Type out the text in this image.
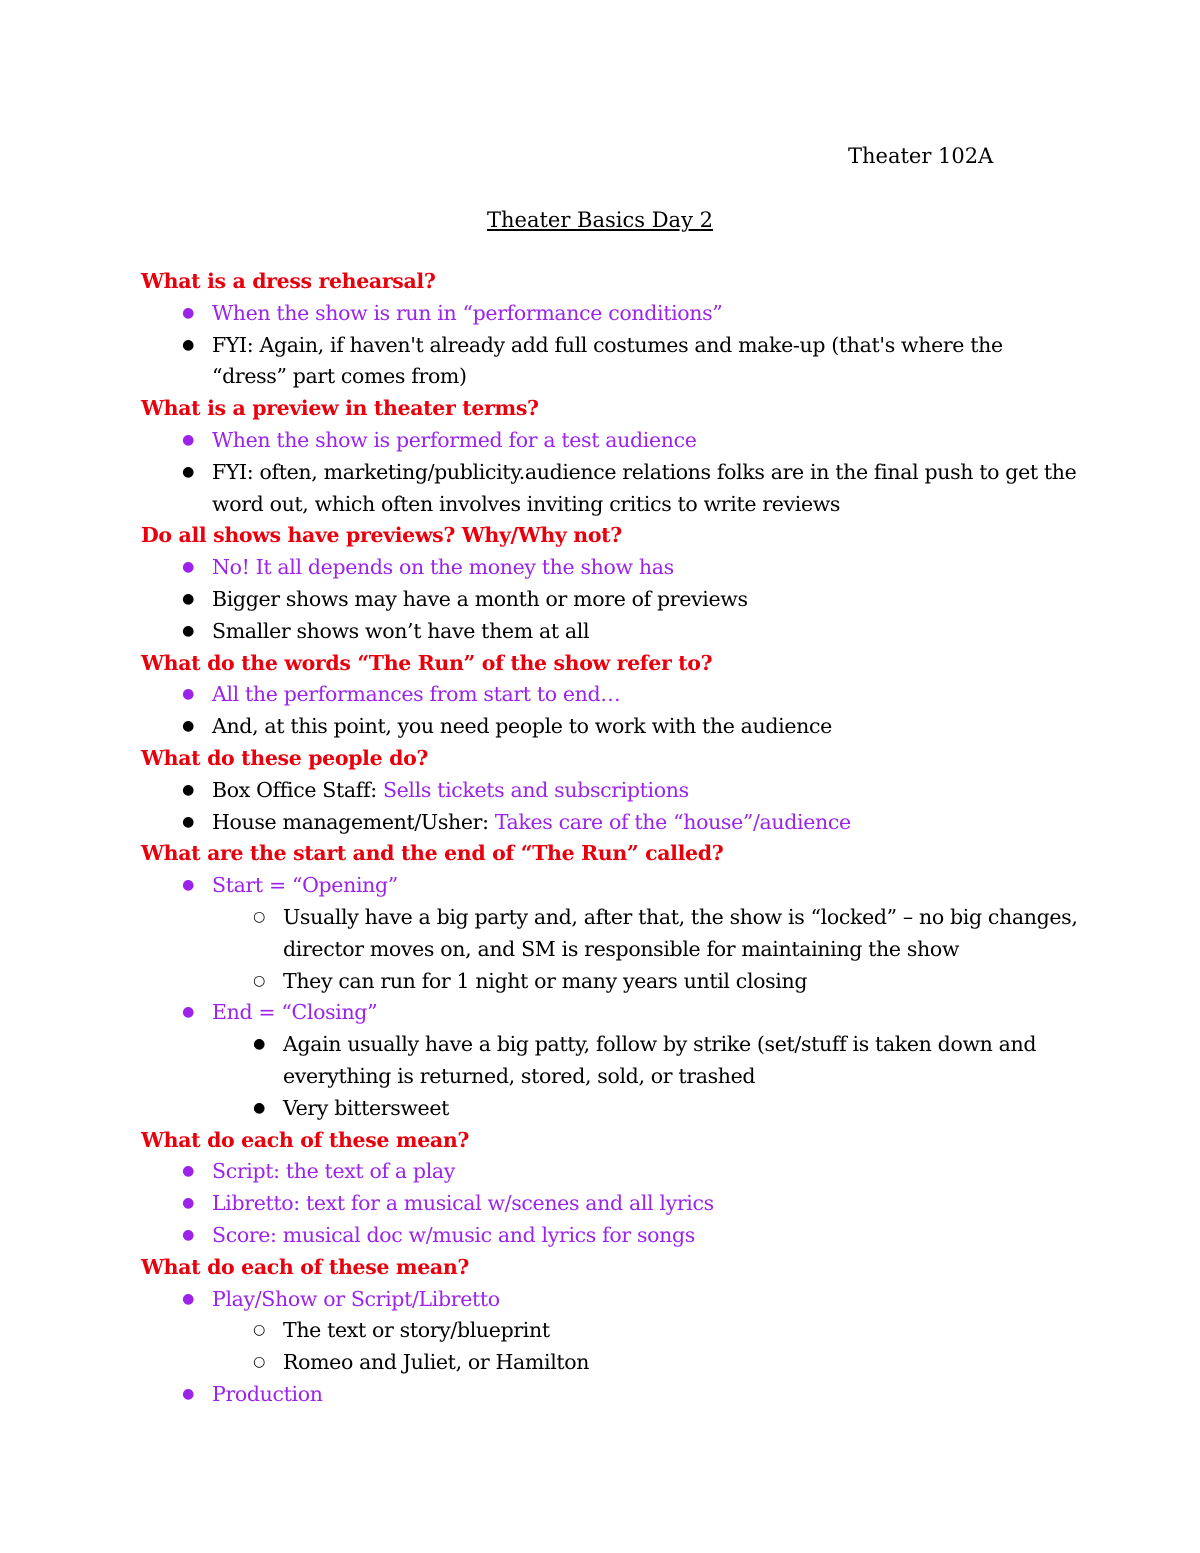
Theater 102A
Theater Basics Day 2
What is a dress rehearsal?
● When the show is run in “performance conditions”
● FYI: Again, if haven't already add full costumes and make-up (that's where the “dress” part comes from)
What is a preview in theater terms?
● When the show is performed for a test audience
● FYI: often, marketing/publicity.audience relations folks are in the final push to get the word out, which often involves inviting critics to write reviews
Do all shows have previews? Why/Why not?
● No! It all depends on the money the show has
● Bigger shows may have a month or more of previews
● Smaller shows won’t have them at all
What do the words “The Run” of the show refer to?
● All the performances from start to end…
● And, at this point, you need people to work with the audience
What do these people do?
● Box Office Staff: Sells tickets and subscriptions
● House management/Usher: Takes care of the “house”/audience
What are the start and the end of “The Run” called?
● Start = “Opening”
○ Usually have a big party and, after that, the show is “locked” – no big changes, director moves on, and SM is responsible for maintaining the show
○ They can run for 1 night or many years until closing
● End = “Closing”
● Again usually have a big patty, follow by strike (set/stuff is taken down and everything is returned, stored, sold, or trashed
● Very bittersweet
What do each of these mean?
● Script: the text of a play
● Libretto: text for a musical w/scenes and all lyrics
● Score: musical doc w/music and lyrics for songs
What do each of these mean?
● Play/Show or Script/Libretto
○ The text or story/blueprint
○ Romeo and Juliet, or Hamilton
● Production
